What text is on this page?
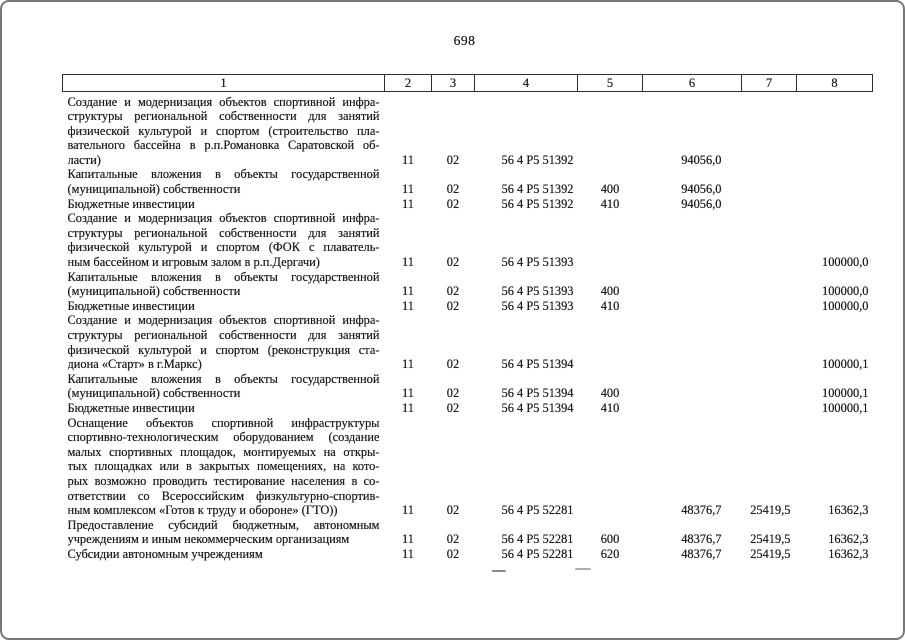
698
1	2	3	4	5	6	7	8

Создание и модернизация объектов спортивной инфра-
структуры региональной собственности для занятий
физической культурой и спортом (строительство пла-
вательного бассейна в р.п.Романовка Саратовской об-
ласти)	11	02	56 4 P5 51392		94056,0		

Капитальные вложения в объекты государственной
(муниципальной) собственности	11	02	56 4 P5 51392	400	94056,0		

Бюджетные инвестиции	11	02	56 4 P5 51392	410	94056,0		

Создание и модернизация объектов спортивной инфра-
структуры региональной собственности для занятий
физической культурой и спортом (ФОК с плаватель-
ным бассейном и игровым залом в р.п.Дергачи)	11	02	56 4 P5 51393				100000,0

Капитальные вложения в объекты государственной
(муниципальной) собственности	11	02	56 4 P5 51393	400			100000,0

Бюджетные инвестиции	11	02	56 4 P5 51393	410			100000,0

Создание и модернизация объектов спортивной инфра-
структуры региональной собственности для занятий
физической культурой и спортом (реконструкция ста-
диона «Старт» в г.Маркс)	11	02	56 4 P5 51394				100000,1

Капитальные вложения в объекты государственной
(муниципальной) собственности	11	02	56 4 P5 51394	400			100000,1

Бюджетные инвестиции	11	02	56 4 P5 51394	410			100000,1

Оснащение объектов спортивной инфраструктуры
спортивно-технологическим оборудованием (создание
малых спортивных площадок, монтируемых на откры-
тых площадках или в закрытых помещениях, на кото-
рых возможно проводить тестирование населения в со-
ответствии со Всероссийским физкультурно-спортив-
ным комплексом «Готов к труду и обороне» (ГТО))	11	02	56 4 P5 52281		48376,7	25419,5	16362,3

Предоставление субсидий бюджетным, автономным
учреждениям и иным некоммерческим организациям	11	02	56 4 P5 52281	600	48376,7	25419,5	16362,3

Субсидии автономным учреждениям	11	02	56 4 P5 52281	620	48376,7	25419,5	16362,3
